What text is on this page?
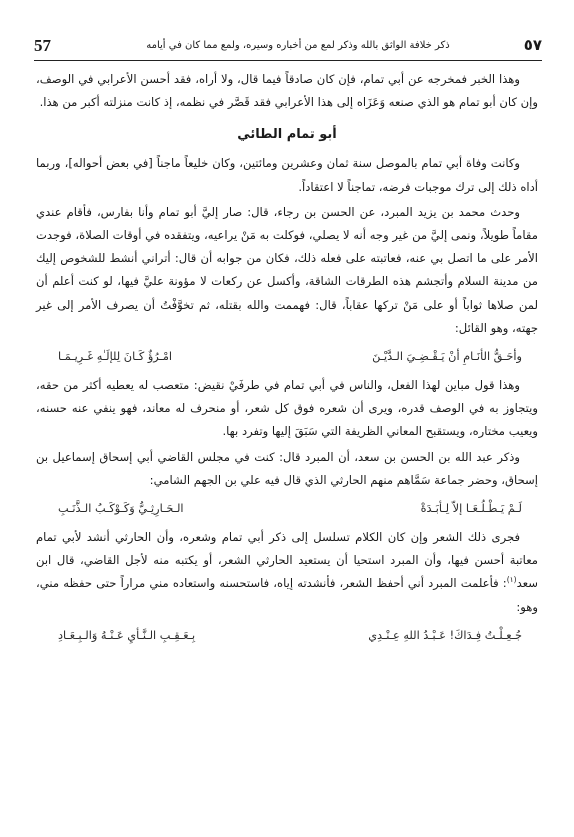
57	ذكر خلافة الواثق بالله وذكر لمع من أخباره وسيره، ولمع مما كان في أيامه	٥٧

وهذا الخبر فمخرجه عن أبي تمام، فإن كان صادقاً فيما قال، ولا أراه، فقد أحسن الأعرابي في الوصف، وإن كان أبو تمام هو الذي صنعه وَعَزَاه إلى هذا الأعرابي فقد قَصَّر في نظمه، إذ كانت منزلته أكبر من هذا.

أبو تمام الطائي

وكانت وفاة أبي تمام بالموصل سنة ثمان وعشرين ومائتين، وكان خليعاً ماجناً [في بعض أحواله]، وربما أداه ذلك إلى ترك موجبات فرضه، تماجناً لا اعتقاداً.

وحدث محمد بن يزيد المبرد، عن الحسن بن رجاء، قال: صار إليَّ أبو تمام وأنا بفارس، فأقام عندي مقاماً طويلاً، ونمى إليَّ من غير وجه أنه لا يصلي، فوكلت به مَنْ يراعيه، ويتفقده في أوقات الصلاة، فوجدت الأمر على ما اتصل بي عنه، فعاتبته على فعله ذلك، فكان من جوابه أن قال: أتراني أنشط للشخوص إليك من مدينة السلام وأتجشم هذه الطرقات الشاقة، وأكسل عن ركعات لا مؤونة عليَّ فيها، لو كنت أعلم أن لمن صلاها ثواباً أو على مَنْ تركها عقاباً، قال: فهممت والله بقتله، ثم تخوَّفْتُ أن يصرف الأمر إلى غير جهته، وهو القائل:

وأحَـقُّ الأنَـامِ أنْ يَـقْـضِـيَ الـدَّيْـنَ
امْـرُؤٌ كَـانَ لِلإلَـٰهِ غَـرِيـمَـا

وهذا قول مباين لهذا الفعل، والناس في أبي تمام في طرفَيْ نقيض: متعصب له يعطيه أكثر من حقه، ويتجاوز به في الوصف قدره، ويرى أن شعره فوق كل شعر، أو منحرف له معاند، فهو ينفي عنه حسنه، ويعيب مختاره، ويستقبح المعاني الظريفة التي سَبَقَ إليها وتفرد بها.

وذكر عبد الله بن الحسن بن سعد، أن المبرد قال: كنت في مجلس القاضي أبي إسحاق إسماعيل بن إسحاق، وحضر جماعة سَمَّاهم منهم الحارثي الذي قال فيه علي بن الجهم الشامي:

لَـمْ يَـطْـلُـعَـا إلاّ لِـأبَـدَةْ
الـحَـارِثِـيُّ وَكَـوْكَـبُ الـذَّنَـبِ

فجرى ذلك الشعر وإن كان الكلام تسلسل إلى ذكر أبي تمام وشعره، وأن الحارثي أنشد لأبي تمام معاتبة أحسن فيها، وأن المبرد استحيا أن يستعيد الحارثي الشعر، أو يكتبه منه لأجل القاضي، قال ابن سعد$^{(١)}$: فأعلمت المبرد أني أحفظ الشعر، فأنشدته إياه، فاستحسنه واستعاده مني مراراً حتى حفظه مني، وهو:

جُـعِـلْـتُ فِـدَاكَ! عَـبْـدُ اللهِ عِـنْـدِي
بِـعَـقِـبِ الـنَّـأيِ عَـنْـهُ وَالـبِـعَـادِ
